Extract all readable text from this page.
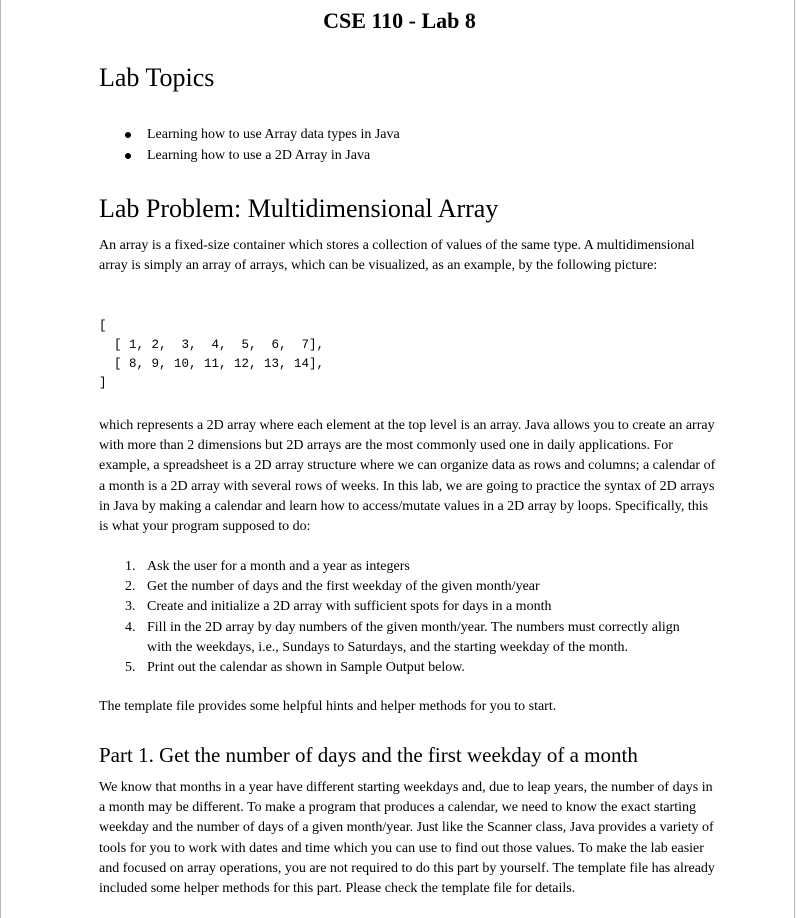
CSE 110 - Lab 8
Lab Topics
Learning how to use Array data types in Java
Learning how to use a 2D Array in Java
Lab Problem: Multidimensional Array

An array is a fixed-size container which stores a collection of values of the same type. A multidimensional array is simply an array of arrays, which can be visualized, as an example, by the following picture:

[
[ 1, 2,  3,  4,  5,  6,  7],
[ 8, 9, 10, 11, 12, 13, 14],
]

which represents a 2D array where each element at the top level is an array. Java allows you to create an array with more than 2 dimensions but 2D arrays are the most commonly used one in daily applications. For example, a spreadsheet is a 2D array structure where we can organize data as rows and columns; a calendar of a month is a 2D array with several rows of weeks. In this lab, we are going to practice the syntax of 2D arrays in Java by making a calendar and learn how to access/mutate values in a 2D array by loops. Specifically, this is what your program supposed to do:

1. Ask the user for a month and a year as integers
2. Get the number of days and the first weekday of the given month/year
3. Create and initialize a 2D array with sufficient spots for days in a month
4. Fill in the 2D array by day numbers of the given month/year. The numbers must correctly align with the weekdays, i.e., Sundays to Saturdays, and the starting weekday of the month.
5. Print out the calendar as shown in Sample Output below.

The template file provides some helpful hints and helper methods for you to start.

Part 1. Get the number of days and the first weekday of a month

We know that months in a year have different starting weekdays and, due to leap years, the number of days in a month may be different. To make a program that produces a calendar, we need to know the exact starting weekday and the number of days of a given month/year. Just like the Scanner class, Java provides a variety of tools for you to work with dates and time which you can use to find out those values. To make the lab easier and focused on array operations, you are not required to do this part by yourself. The template file has already included some helper methods for this part. Please check the template file for details.
